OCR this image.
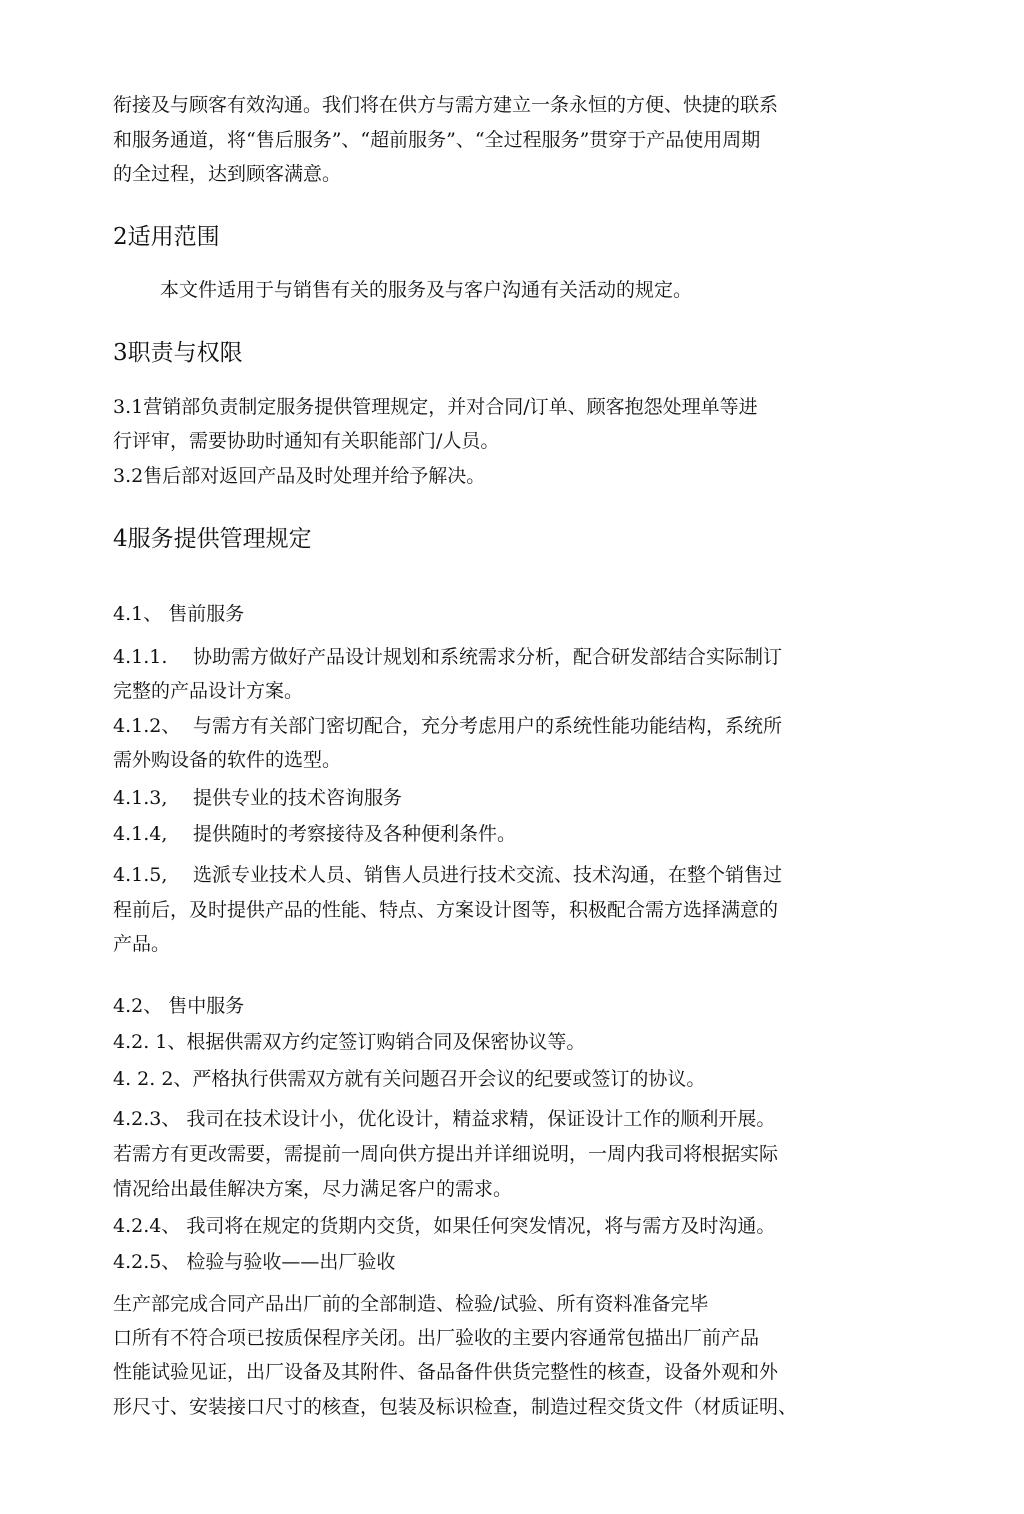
衔接及与顾客有效沟通。我们将在供方与需方建立一条永恒的方便、快捷的联系
和服务通道，将“售后服务”、“超前服务”、“全过程服务”贯穿于产品使用周期
的全过程，达到顾客满意。
2适用范围
本文件适用于与销售有关的服务及与客户沟通有关活动的规定。
3职责与权限
3.1营销部负责制定服务提供管理规定，并对合同/订单、顾客抱怨处理单等进
行评审，需要协助时通知有关职能部门/人员。
3.2售后部对返回产品及时处理并给予解决。
4服务提供管理规定
4.1、 售前服务
4.1.1. 协助需方做好产品设计规划和系统需求分析，配合研发部结合实际制订
完整的产品设计方案。
4.1.2、 与需方有关部门密切配合，充分考虑用户的系统性能功能结构，系统所
需外购设备的软件的选型。
4.1.3, 提供专业的技术咨询服务
4.1.4, 提供随时的考察接待及各种便利条件。
4.1.5, 选派专业技术人员、销售人员进行技术交流、技术沟通，在整个销售过
程前后，及时提供产品的性能、特点、方案设计图等，积极配合需方选择满意的
产品。
4.2、 售中服务
4.2. 1、根据供需双方约定签订购销合同及保密协议等。
4. 2. 2、严格执行供需双方就有关问题召开会议的纪要或签订的协议。
4.2.3、 我司在技术设计小，优化设计，精益求精，保证设计工作的顺利开展。
若需方有更改需要，需提前一周向供方提出并详细说明，一周内我司将根据实际
情况给出最佳解决方案，尽力满足客户的需求。
4.2.4、 我司将在规定的货期内交货，如果任何突发情况，将与需方及时沟通。
4.2.5、 检验与验收——出厂验收
生产部完成合同产品出厂前的全部制造、检验/试验、所有资料准备完毕
口所有不符合项已按质保程序关闭。出厂验收的主要内容通常包描出厂前产品
性能试验见证，出厂设备及其附件、备品备件供货完整性的核查，设备外观和外
形尺寸、安装接口尺寸的核查，包装及标识检查，制造过程交货文件（材质证明、
